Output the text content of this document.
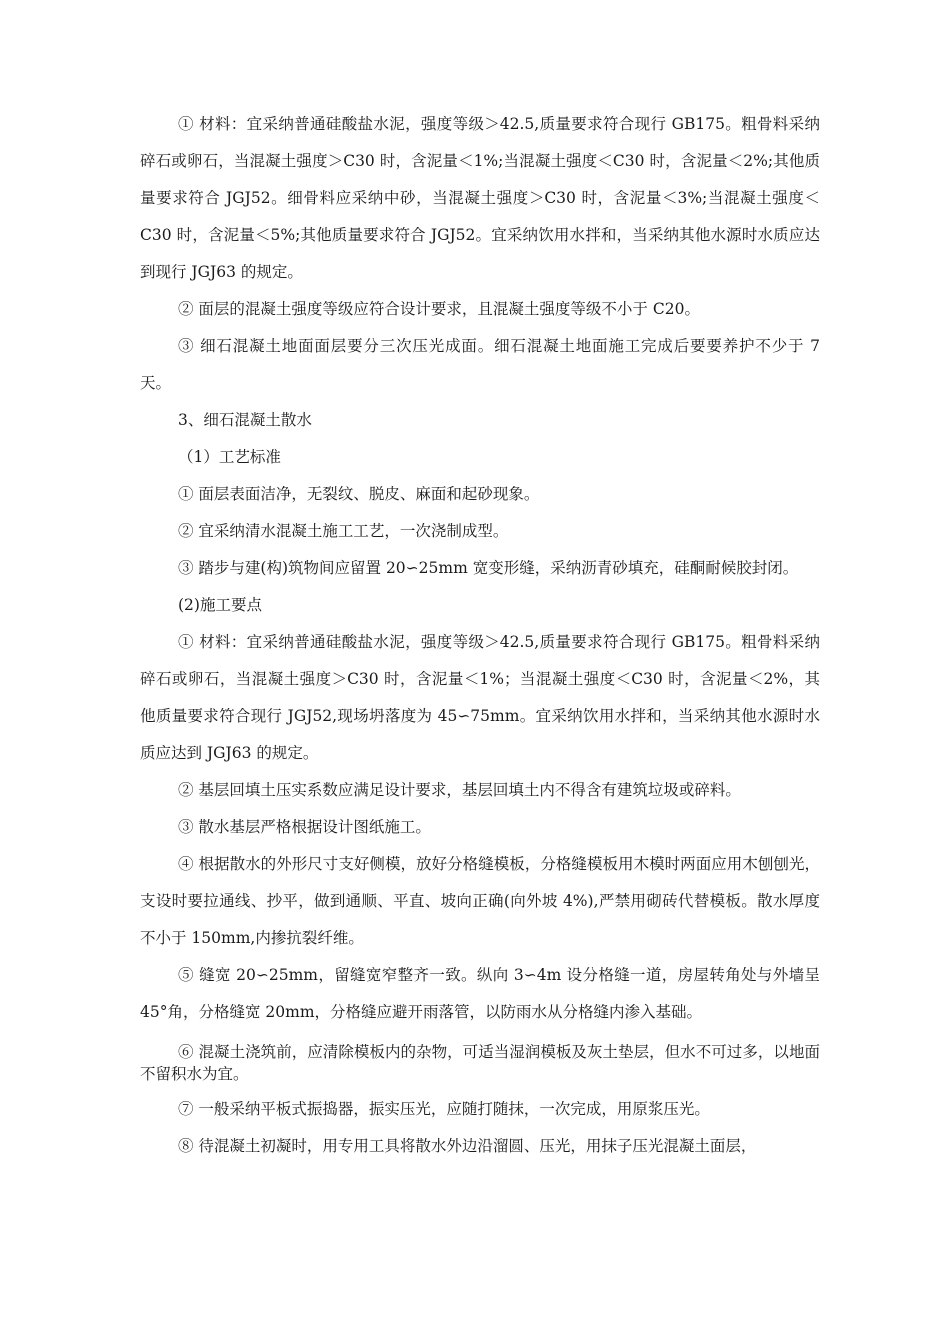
① 材料：宜采纳普通硅酸盐水泥，强度等级＞42.5,质量要求符合现行 GB175。粗骨料采纳碎石或卵石，当混凝土强度＞C30 时，含泥量＜1%;当混凝土强度＜C30 时，含泥量＜2%;其他质量要求符合 JGJ52。细骨料应采纳中砂，当混凝土强度＞C30 时，含泥量＜3%;当混凝土强度＜C30 时，含泥量＜5%;其他质量要求符合 JGJ52。宜采纳饮用水拌和，当采纳其他水源时水质应达到现行 JGJ63 的规定。

② 面层的混凝土强度等级应符合设计要求，且混凝土强度等级不小于 C20。

③ 细石混凝土地面面层要分三次压光成面。细石混凝土地面施工完成后要要养护不少于 7 天。

3、细石混凝土散水

（1）工艺标准

① 面层表面洁净，无裂纹、脱皮、麻面和起砂现象。

② 宜采纳清水混凝土施工工艺，一次浇制成型。

③ 踏步与建(构)筑物间应留置 20∽25mm 宽变形缝，采纳沥青砂填充，硅酮耐候胶封闭。

(2)施工要点

① 材料：宜采纳普通硅酸盐水泥，强度等级＞42.5,质量要求符合现行 GB175。粗骨料采纳碎石或卵石，当混凝土强度＞C30 时，含泥量＜1%；当混凝土强度＜C30 时，含泥量＜2%，其他质量要求符合现行 JGJ52,现场坍落度为 45∽75mm。宜采纳饮用水拌和，当采纳其他水源时水质应达到 JGJ63 的规定。

② 基层回填土压实系数应满足设计要求，基层回填土内不得含有建筑垃圾或碎料。

③ 散水基层严格根据设计图纸施工。

④ 根据散水的外形尺寸支好侧模，放好分格缝模板，分格缝模板用木模时两面应用木刨刨光，支设时要拉通线、抄平，做到通顺、平直、坡向正确(向外坡 4%),严禁用砌砖代替模板。散水厚度不小于 150mm,内掺抗裂纤维。

⑤ 缝宽 20∽25mm，留缝宽窄整齐一致。纵向 3∽4m 设分格缝一道，房屋转角处与外墙呈 45°角，分格缝宽 20mm，分格缝应避开雨落管，以防雨水从分格缝内渗入基础。

⑥ 混凝土浇筑前，应清除模板内的杂物，可适当湿润模板及灰土垫层，但水不可过多，以地面不留积水为宜。

⑦ 一般采纳平板式振捣器，振实压光，应随打随抹，一次完成，用原浆压光。

⑧ 待混凝土初凝时，用专用工具将散水外边沿溜圆、压光，用抹子压光混凝土面层，
